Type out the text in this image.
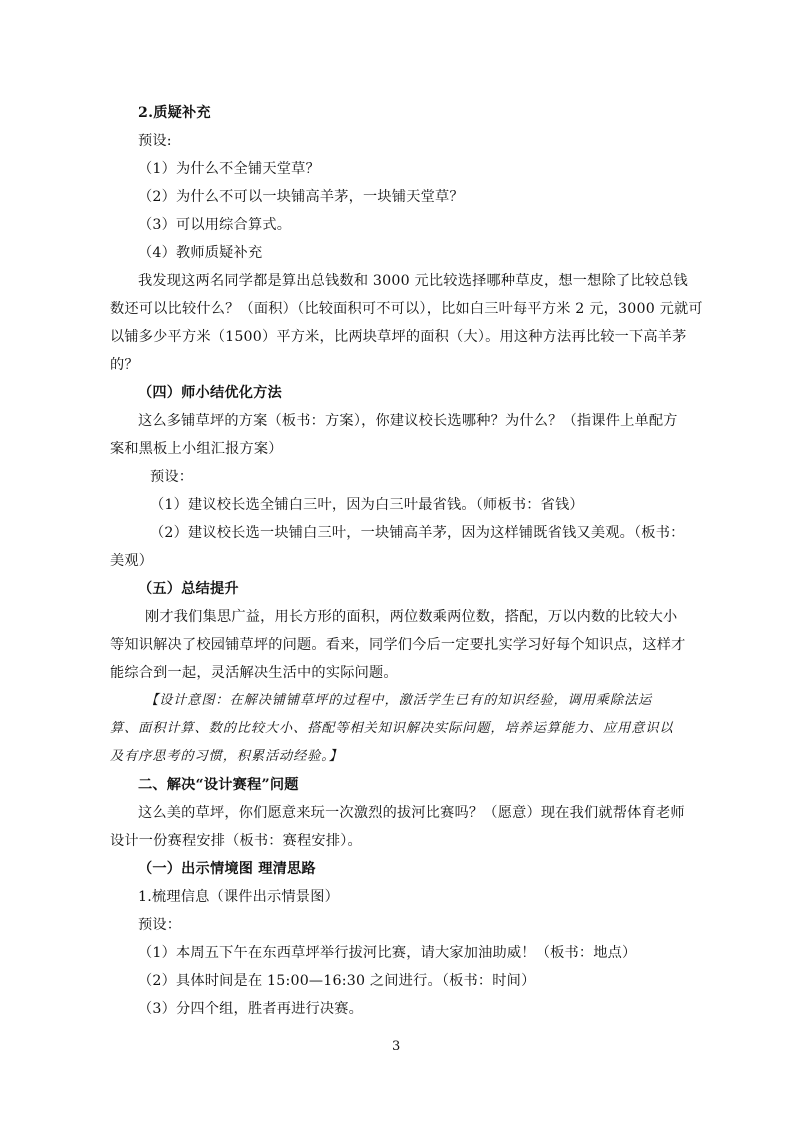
2.质疑补充
预设:
（1）为什么不全铺天堂草？
（2）为什么不可以一块铺高羊茅，一块铺天堂草？
（3）可以用综合算式。
（4）教师质疑补充
我发现这两名同学都是算出总钱数和 3000 元比较选择哪种草皮，想一想除了比较总钱
数还可以比较什么？（面积）（比较面积可不可以），比如白三叶每平方米 2 元，3000 元就可
以铺多少平方米（1500）平方米，比两块草坪的面积（大）。用这种方法再比较一下高羊茅
的？
（四）师小结优化方法
这么多铺草坪的方案（板书：方案），你建议校长选哪种？为什么？（指课件上单配方
案和黑板上小组汇报方案）
预设：
（1）建议校长选全铺白三叶，因为白三叶最省钱。（师板书：省钱）
（2）建议校长选一块铺白三叶，一块铺高羊茅，因为这样铺既省钱又美观。（板书：
美观）
（五）总结提升
刚才我们集思广益，用长方形的面积，两位数乘两位数，搭配，万以内数的比较大小
等知识解决了校园铺草坪的问题。看来，同学们今后一定要扎实学习好每个知识点，这样才
能综合到一起，灵活解决生活中的实际问题。
【设计意图：在解决铺铺草坪的过程中，激活学生已有的知识经验，调用乘除法运
算、面积计算、数的比较大小、搭配等相关知识解决实际问题，培养运算能力、应用意识以
及有序思考的习惯，积累活动经验。】
二、解决“设计赛程”问题
这么美的草坪，你们愿意来玩一次激烈的拔河比赛吗？（愿意）现在我们就帮体育老师
设计一份赛程安排（板书：赛程安排）。
（一）出示情境图 理清思路
1.梳理信息（课件出示情景图）
预设：
（1）本周五下午在东西草坪举行拔河比赛，请大家加油助威！（板书：地点）
（2）具体时间是在 15:00—16:30 之间进行。（板书：时间）
（3）分四个组，胜者再进行决赛。
3
